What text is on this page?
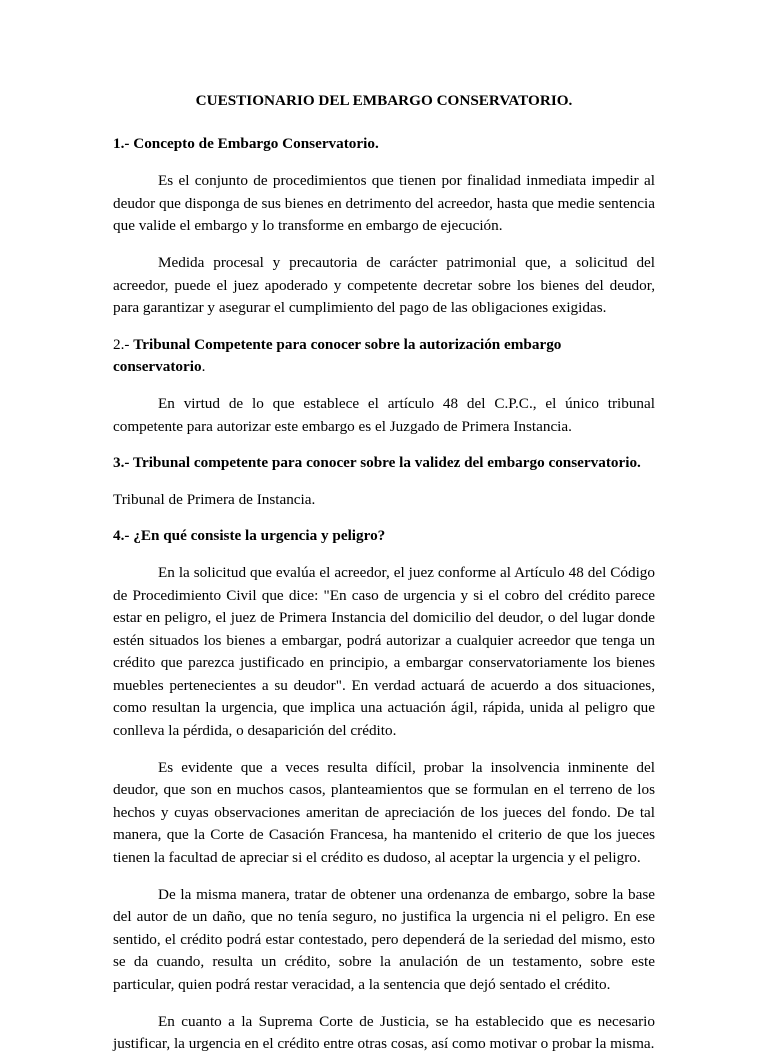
CUESTIONARIO DEL EMBARGO CONSERVATORIO.

1.- Concepto de Embargo Conservatorio.

Es el conjunto de procedimientos que tienen por finalidad inmediata impedir al deudor que disponga de sus bienes en detrimento del acreedor, hasta que medie sentencia que valide el embargo y lo transforme en embargo de ejecución.

Medida procesal y precautoria de carácter patrimonial que, a solicitud del acreedor, puede el juez apoderado y competente decretar sobre los bienes del deudor, para garantizar y asegurar el cumplimiento del pago de las obligaciones exigidas.

2.- Tribunal Competente para conocer sobre la autorización embargo conservatorio.

En virtud de lo que establece el artículo 48 del C.P.C., el único tribunal competente para autorizar este embargo es el Juzgado de Primera Instancia.

3.- Tribunal competente para conocer sobre la validez del embargo conservatorio.

Tribunal de Primera de Instancia.

4.- ¿En qué consiste la urgencia y peligro?

En la solicitud que evalúa el acreedor, el juez conforme al Artículo 48 del Código de Procedimiento Civil que dice: "En caso de urgencia y si el cobro del crédito parece estar en peligro, el juez de Primera Instancia del domicilio del deudor, o del lugar donde estén situados los bienes a embargar, podrá autorizar a cualquier acreedor que tenga un crédito que parezca justificado en principio, a embargar conservatoriamente los bienes muebles pertenecientes a su deudor". En verdad actuará de acuerdo a dos situaciones, como resultan la urgencia, que implica una actuación ágil, rápida, unida al peligro que conlleva la pérdida, o desaparición del crédito.

Es evidente que a veces resulta difícil, probar la insolvencia inminente del deudor, que son en muchos casos, planteamientos que se formulan en el terreno de los hechos y cuyas observaciones ameritan de apreciación de los jueces del fondo. De tal manera, que la Corte de Casación Francesa, ha mantenido el criterio de que los jueces tienen la facultad de apreciar si el crédito es dudoso, al aceptar la urgencia y el peligro.

De la misma manera, tratar de obtener una ordenanza de embargo, sobre la base del autor de un daño, que no tenía seguro, no justifica la urgencia ni el peligro. En ese sentido, el crédito podrá estar contestado, pero dependerá de la seriedad del mismo, esto se da cuando, resulta un crédito, sobre la anulación de un testamento, sobre este particular, quien podrá restar veracidad, a la sentencia que dejó sentado el crédito.

En cuanto a la Suprema Corte de Justicia, se ha establecido que es necesario justificar, la urgencia en el crédito entre otras cosas, así como motivar o probar la misma.
